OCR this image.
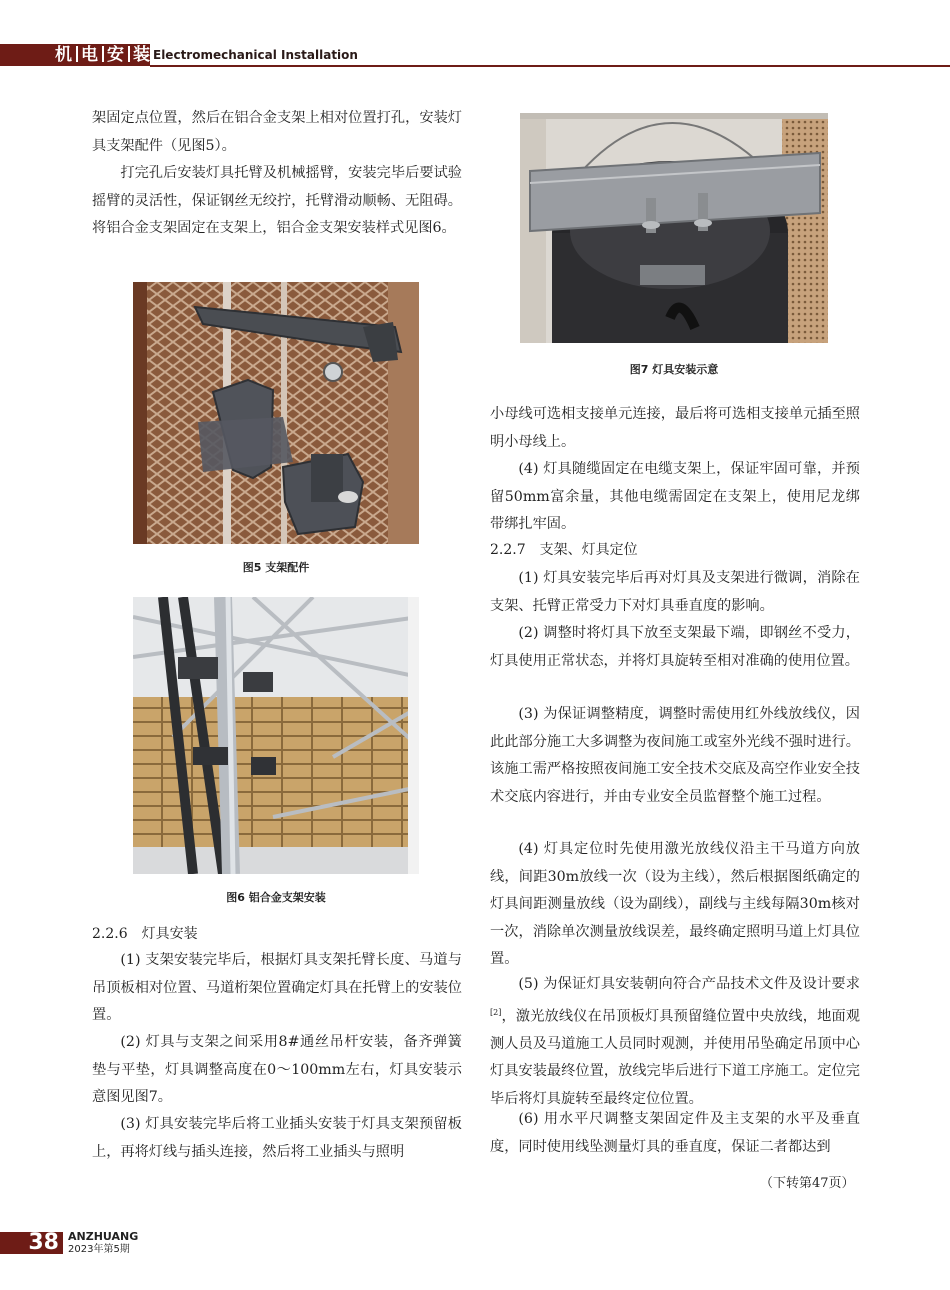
机 电 安 装 Electromechanical Installation

架固定点位置，然后在铝合金支架上相对位置打孔，安装灯具支架配件（见图5）。

打完孔后安装灯具托臂及机械摇臂，安装完毕后要试验摇臂的灵活性，保证钢丝无绞拧，托臂滑动顺畅、无阻碍。将铝合金支架固定在支架上，铝合金支架安装样式见图6。

图5 支架配件
图6 铝合金支架安装
2.2.6　灯具安装

(1) 支架安装完毕后，根据灯具支架托臂长度、马道与吊顶板相对位置、马道桁架位置确定灯具在托臂上的安装位置。

(2) 灯具与支架之间采用8#通丝吊杆安装，备齐弹簧垫与平垫，灯具调整高度在0～100mm左右，灯具安装示意图见图7。

(3) 灯具安装完毕后将工业插头安装于灯具支架预留板上，再将灯线与插头连接，然后将工业插头与照明

图7 灯具安装示意

小母线可选相支接单元连接，最后将可选相支接单元插至照明小母线上。

(4) 灯具随缆固定在电缆支架上，保证牢固可靠，并预留50mm富余量，其他电缆需固定在支架上，使用尼龙绑带绑扎牢固。

2.2.7　支架、灯具定位

(1) 灯具安装完毕后再对灯具及支架进行微调，消除在支架、托臂正常受力下对灯具垂直度的影响。

(2) 调整时将灯具下放至支架最下端，即钢丝不受力，灯具使用正常状态，并将灯具旋转至相对准确的使用位置。

(3) 为保证调整精度，调整时需使用红外线放线仪，因此此部分施工大多调整为夜间施工或室外光线不强时进行。该施工需严格按照夜间施工安全技术交底及高空作业安全技术交底内容进行，并由专业安全员监督整个施工过程。

(4) 灯具定位时先使用激光放线仪沿主干马道方向放线，间距30m放线一次（设为主线），然后根据图纸确定的灯具间距测量放线（设为副线），副线与主线每隔30m核对一次，消除单次测量放线误差，最终确定照明马道上灯具位置。

(5) 为保证灯具安装朝向符合产品技术文件及设计要求[2]，激光放线仪在吊顶板灯具预留缝位置中央放线，地面观测人员及马道施工人员同时观测，并使用吊坠确定吊顶中心灯具安装最终位置，放线完毕后进行下道工序施工。定位完毕后将灯具旋转至最终定位位置。

(6) 用水平尺调整支架固定件及主支架的水平及垂直度，同时使用线坠测量灯具的垂直度，保证二者都达到

（下转第47页）
38 ANZHUANG
2023年第5期
